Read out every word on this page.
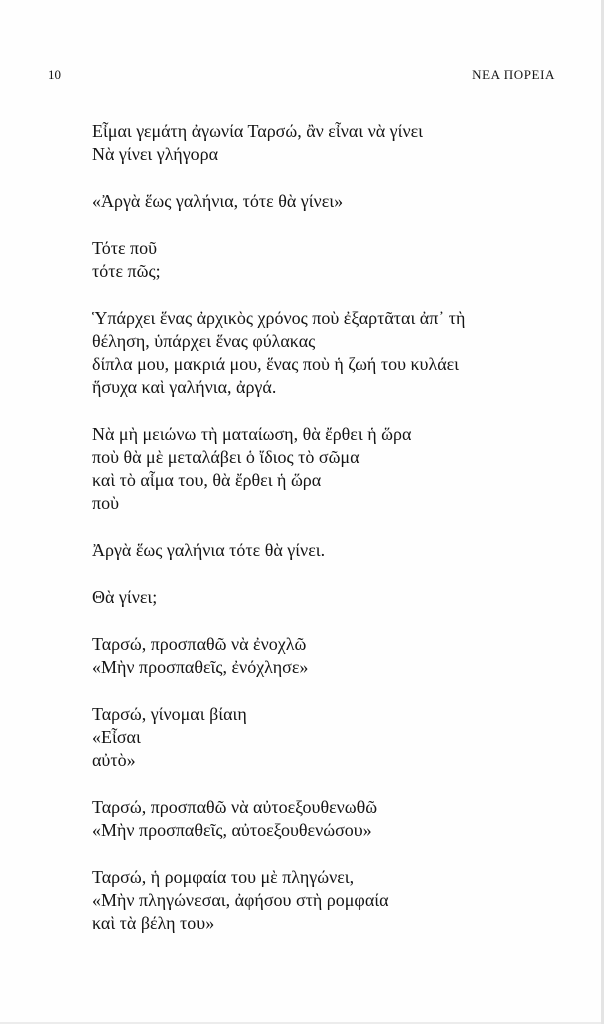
10	ΝΕΑ ΠΟΡΕΙΑ
Εἶμαι γεμάτη ἀγωνία Ταρσώ, ἂν εἶναι νὰ γίνει
Νὰ γίνει γλήγορα
«Ἀργὰ ἕως γαλήνια, τότε θὰ γίνει»
Τότε ποῦ
τότε πῶς;
Ὑπάρχει ἕνας ἀρχικὸς χρόνος ποὺ ἐξαρτᾶται ἀπ᾽ τὴ
θέληση, ὑπάρχει ἕνας φύλακας
δίπλα μου, μακριά μου, ἕνας ποὺ ἡ ζωή του κυλάει
ἥσυχα καὶ γαλήνια, ἀργά.
Νὰ μὴ μειώνω τὴ ματαίωση, θὰ ἔρθει ἡ ὥρα
ποὺ θὰ μὲ μεταλάβει ὁ ἴδιος τὸ σῶμα
καὶ τὸ αἷμα του, θὰ ἔρθει ἡ ὥρα
ποὺ
Ἀργὰ ἕως γαλήνια τότε θὰ γίνει.
Θὰ γίνει;
Ταρσώ, προσπαθῶ νὰ ἐνοχλῶ
«Μὴν προσπαθεῖς, ἐνόχλησε»
Ταρσώ, γίνομαι βίαιη
«Εἶσαι
αὐτὸ»
Ταρσώ, προσπαθῶ νὰ αὐτοεξουθενωθῶ
«Μὴν προσπαθεῖς, αὐτοεξουθενώσου»
Ταρσώ, ἡ ρομφαία του μὲ πληγώνει,
«Μὴν πληγώνεσαι, ἀφήσου στὴ ρομφαία
καὶ τὰ βέλη του»
